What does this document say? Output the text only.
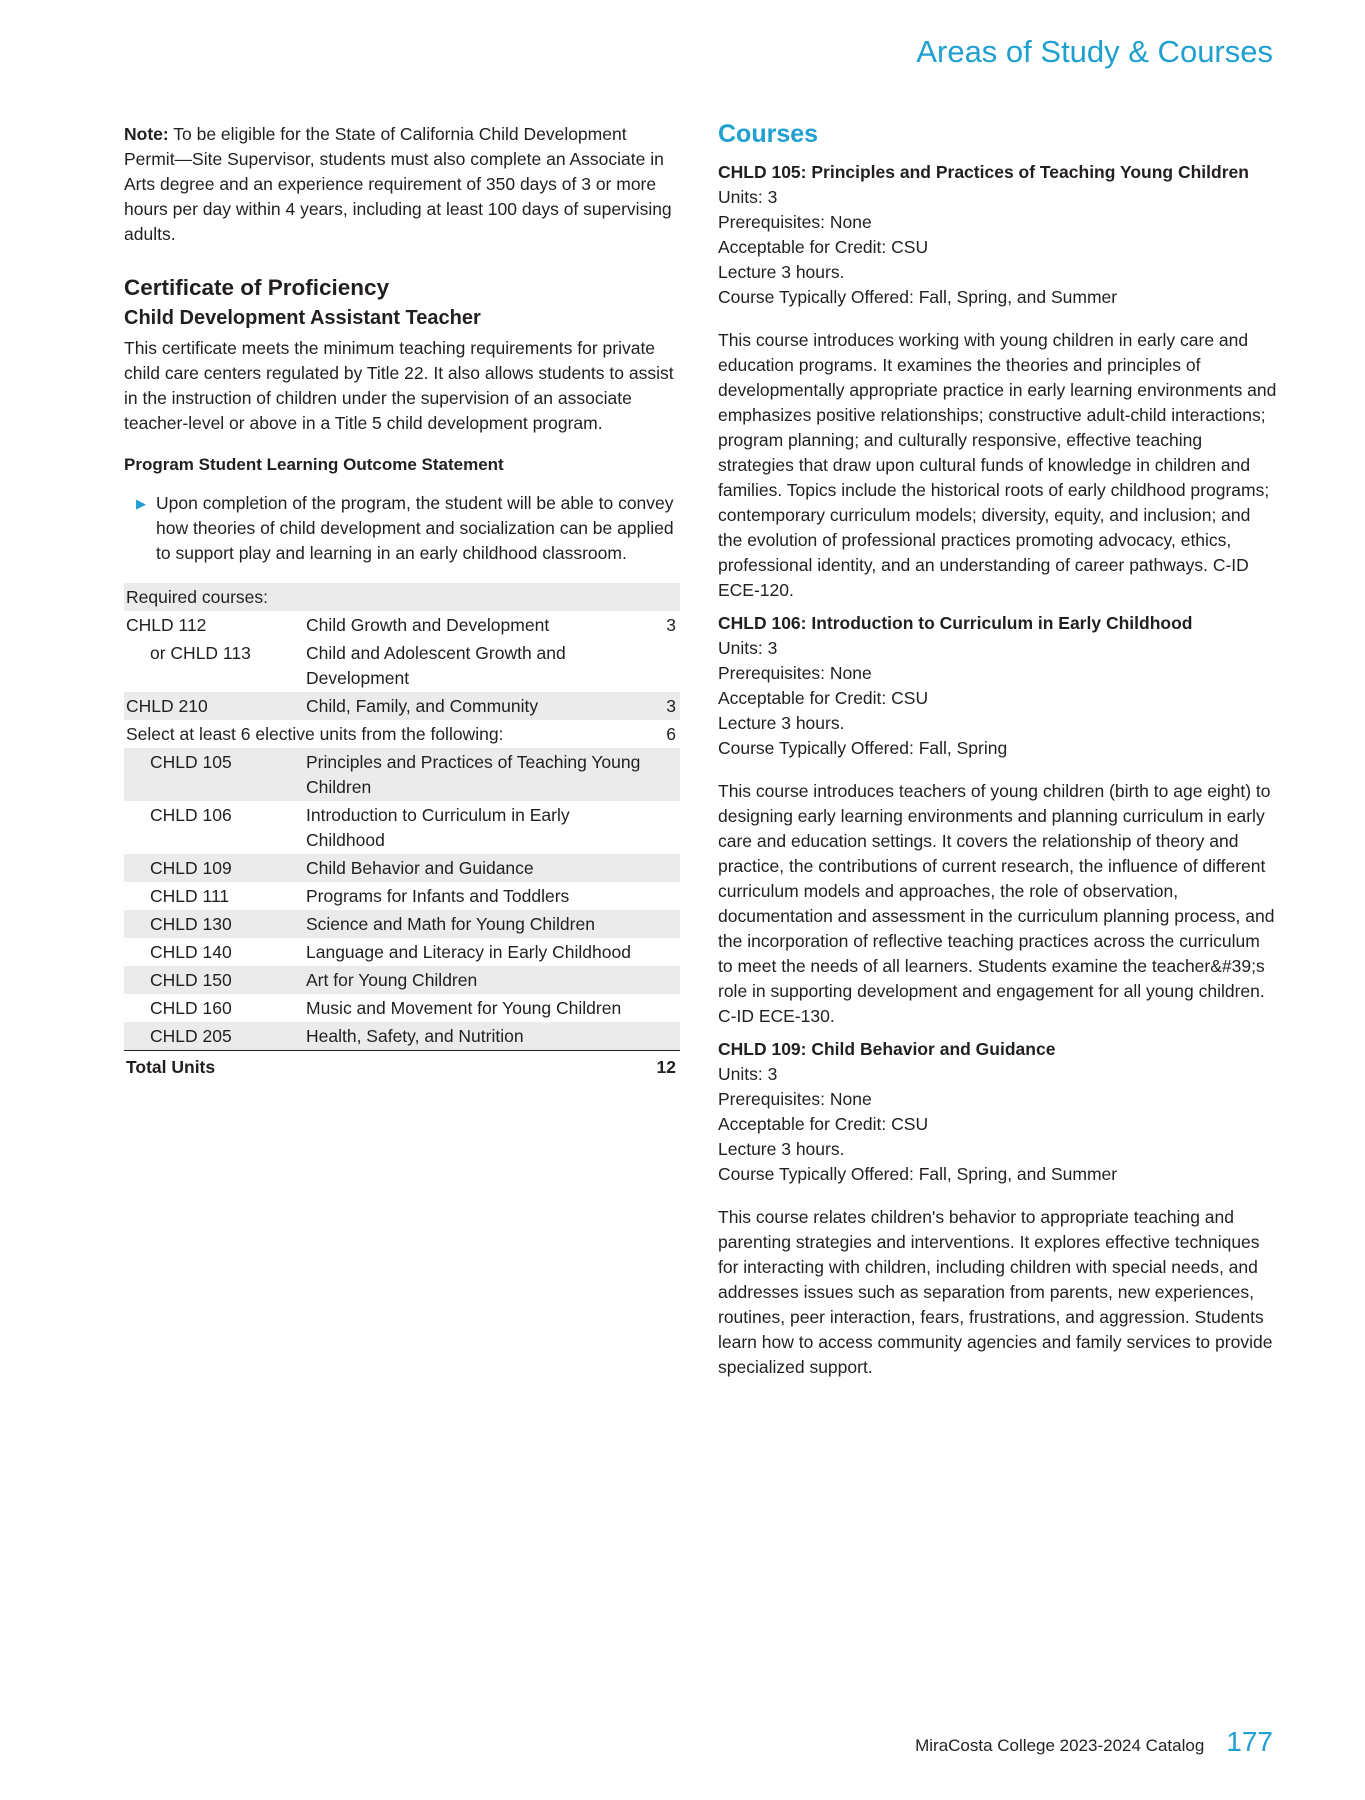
Areas of Study & Courses

Note: To be eligible for the State of California Child Development Permit—Site Supervisor, students must also complete an Associate in Arts degree and an experience requirement of 350 days of 3 or more hours per day within 4 years, including at least 100 days of supervising adults.

Certificate of Proficiency
Child Development Assistant Teacher

This certificate meets the minimum teaching requirements for private child care centers regulated by Title 22. It also allows students to assist in the instruction of children under the supervision of an associate teacher-level or above in a Title 5 child development program.

Program Student Learning Outcome Statement
▶ Upon completion of the program, the student will be able to convey how theories of child development and socialization can be applied to support play and learning in an early childhood classroom.
Required courses:		
CHLD 112	Child Growth and Development	3
or CHLD 113	Child and Adolescent Growth and Development	
CHLD 210	Child, Family, and Community	3
Select at least 6 elective units from the following:		6
CHLD 105	Principles and Practices of Teaching Young Children	
CHLD 106	Introduction to Curriculum in Early Childhood	
CHLD 109	Child Behavior and Guidance	
CHLD 111	Programs for Infants and Toddlers	
CHLD 130	Science and Math for Young Children	
CHLD 140	Language and Literacy in Early Childhood	
CHLD 150	Art for Young Children	
CHLD 160	Music and Movement for Young Children	
CHLD 205	Health, Safety, and Nutrition	
Total Units		12
Courses
CHLD 105: Principles and Practices of Teaching Young Children
Units: 3
Prerequisites: None
Acceptable for Credit: CSU
Lecture 3 hours.
Course Typically Offered: Fall, Spring, and Summer
This course introduces working with young children in early care and education programs. It examines the theories and principles of developmentally appropriate practice in early learning environments and emphasizes positive relationships; constructive adult-child interactions; program planning; and culturally responsive, effective teaching strategies that draw upon cultural funds of knowledge in children and families. Topics include the historical roots of early childhood programs; contemporary curriculum models; diversity, equity, and inclusion; and the evolution of professional practices promoting advocacy, ethics, professional identity, and an understanding of career pathways. C-ID ECE-120.
CHLD 106: Introduction to Curriculum in Early Childhood
Units: 3
Prerequisites: None
Acceptable for Credit: CSU
Lecture 3 hours.
Course Typically Offered: Fall, Spring
This course introduces teachers of young children (birth to age eight) to designing early learning environments and planning curriculum in early care and education settings. It covers the relationship of theory and practice, the contributions of current research, the influence of different curriculum models and approaches, the role of observation, documentation and assessment in the curriculum planning process, and the incorporation of reflective teaching practices across the curriculum to meet the needs of all learners. Students examine the teacher&#39;s role in supporting development and engagement for all young children. C-ID ECE-130.
CHLD 109: Child Behavior and Guidance
Units: 3
Prerequisites: None
Acceptable for Credit: CSU
Lecture 3 hours.
Course Typically Offered: Fall, Spring, and Summer
This course relates children's behavior to appropriate teaching and parenting strategies and interventions. It explores effective techniques for interacting with children, including children with special needs, and addresses issues such as separation from parents, new experiences, routines, peer interaction, fears, frustrations, and aggression. Students learn how to access community agencies and family services to provide specialized support.
MiraCosta College 2023-2024 Catalog 177
